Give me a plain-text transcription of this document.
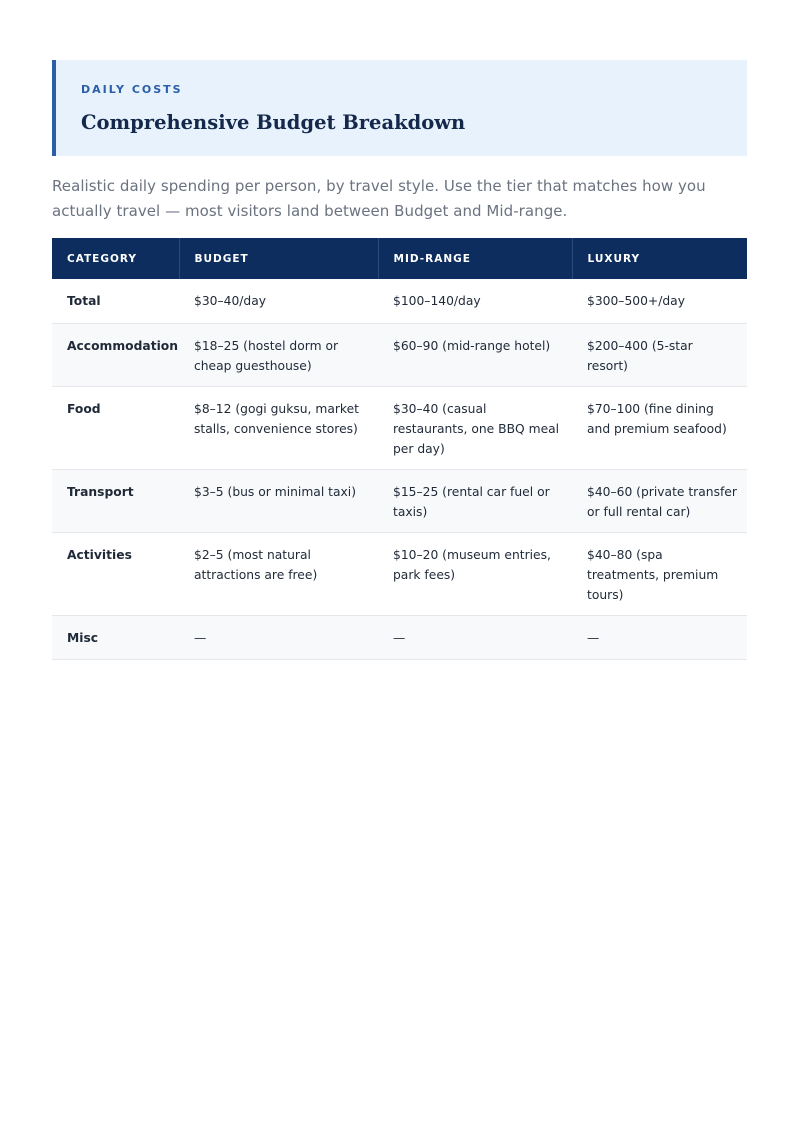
DAILY COSTS
Comprehensive Budget Breakdown

Realistic daily spending per person, by travel style. Use the tier that matches how you actually travel — most visitors land between Budget and Mid-range.

CATEGORY	BUDGET	MID-RANGE	LUXURY
Total	$30–40/day	$100–140/day	$300–500+/day
Accommodation	$18–25 (hostel dorm or cheap guesthouse)	$60–90 (mid-range hotel)	$200–400 (5-star resort)
Food	$8–12 (gogi guksu, market stalls, convenience stores)	$30–40 (casual restaurants, one BBQ meal per day)	$70–100 (fine dining and premium seafood)
Transport	$3–5 (bus or minimal taxi)	$15–25 (rental car fuel or taxis)	$40–60 (private transfer or full rental car)
Activities	$2–5 (most natural attractions are free)	$10–20 (museum entries, park fees)	$40–80 (spa treatments, premium tours)
Misc	—	—	—
